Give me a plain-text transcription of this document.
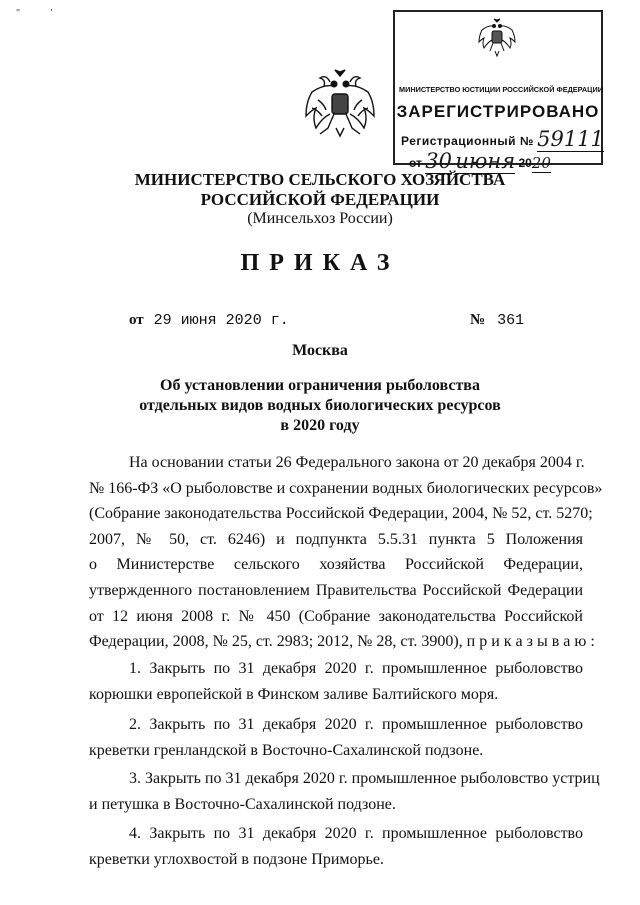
" '
МИНИСТЕРСТВО ЮСТИЦИИ РОССИЙСКОЙ ФЕДЕРАЦИИ
ЗАРЕГИСТРИРОВАНО
Регистрационный № 59111
от 30 июня 2020
МИНИСТЕРСТВО СЕЛЬСКОГО ХОЗЯЙСТВА
РОССИЙСКОЙ ФЕДЕРАЦИИ
(Минсельхоз России)
ПРИКАЗ
от 29 июня 2020 г.	№ 361
Москва
Об установлении ограничения рыболовства
отдельных видов водных биологических ресурсов
в 2020 году
На основании статьи 26 Федерального закона от 20 декабря 2004 г.
№ 166-ФЗ «О рыболовстве и сохранении водных биологических ресурсов»
(Собрание законодательства Российской Федерации, 2004, № 52, ст. 5270;
2007, № 50, ст. 6246) и подпункта 5.5.31 пункта 5 Положения
о Министерстве сельского хозяйства Российской Федерации,
утвержденного постановлением Правительства Российской Федерации
от 12 июня 2008 г. № 450 (Собрание законодательства Российской
Федерации, 2008, № 25, ст. 2983; 2012, № 28, ст. 3900), п р и к а з ы в а ю :
1. Закрыть по 31 декабря 2020 г. промышленное рыболовство
корюшки европейской в Финском заливе Балтийского моря.
2. Закрыть по 31 декабря 2020 г. промышленное рыболовство
креветки гренландской в Восточно-Сахалинской подзоне.
3. Закрыть по 31 декабря 2020 г. промышленное рыболовство устриц
и петушка в Восточно-Сахалинской подзоне.
4. Закрыть по 31 декабря 2020 г. промышленное рыболовство
креветки углохвостой в подзоне Приморье.
